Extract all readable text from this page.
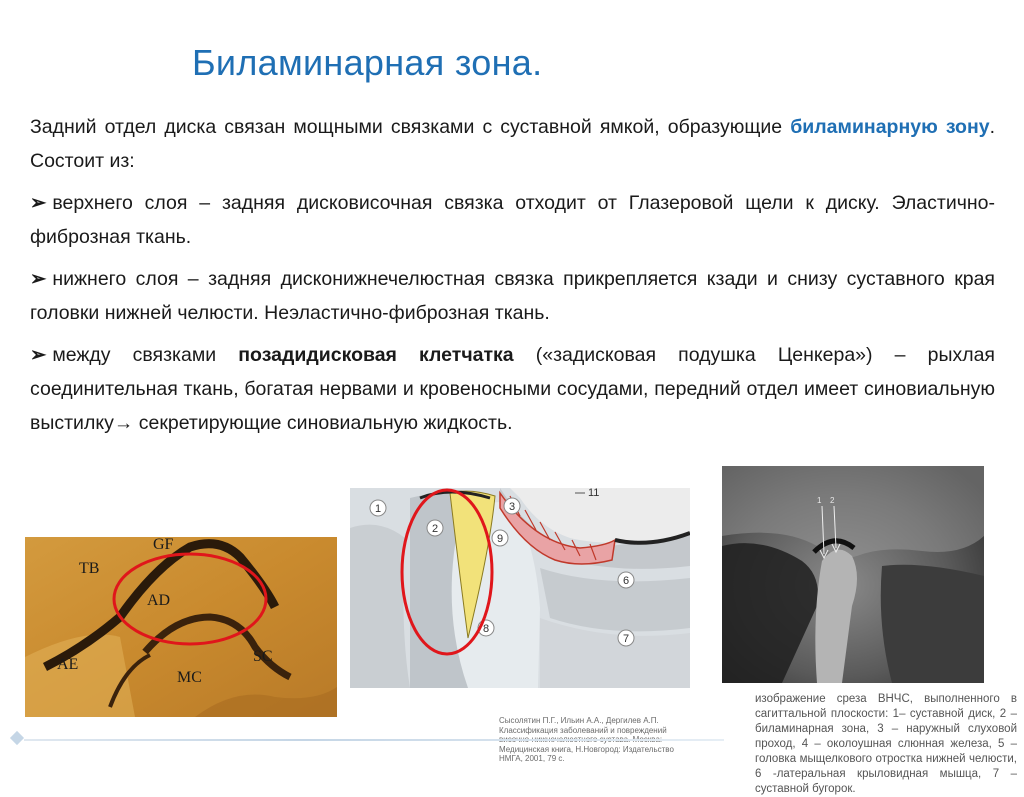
Биламинарная зона.

Задний отдел диска связан мощными связками с суставной ямкой, образующие биламинарную зону. Состоит из:

➢ верхнего слоя – задняя дисковисочная связка отходит от Глазеровой щели к диску. Эластично-фиброзная ткань.

➢ нижнего слоя – задняя дисконижнечелюстная связка прикрепляется кзади и снизу суставного края головки нижней челюсти. Неэластично-фиброзная ткань.

➢ между связками позадидисковая клетчатка («задисковая подушка Ценкера») – рыхлая соединительная ткань, богатая нервами и кровеносными сосудами, передний отдел имеет синовиальную выстилку→ секретирующие синовиальную жидкость.

GF
TB
AD
AE
MC
SC
1
2
3
6
7
8
9
11
1 2
Сысолятин П.Г., Ильин А.А., Дергилев А.П. Классификация заболеваний и повреждений Медицинская книга, Н.Новгород: Издательство НМГА, 2001, 79 с.
изображение среза ВНЧС, выполненного в сагиттальной плоскости: 1– суставной диск, 2 – биламинарная зона, 3 – наружный слуховой проход, 4 – околоушная слюнная железа, 5 – головка мыщелкового отростка нижней челюсти, 6 -латеральная крыловидная мышца, 7 – суставной бугорок.
